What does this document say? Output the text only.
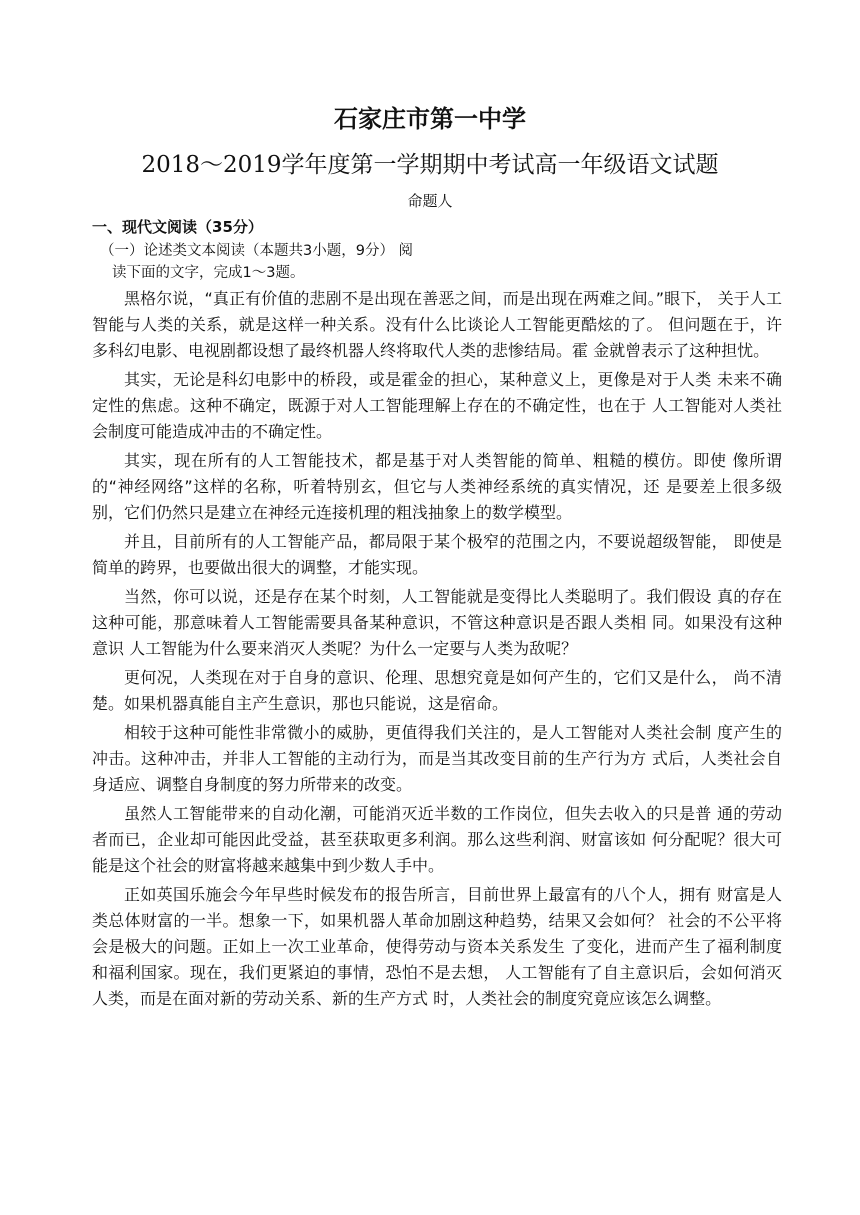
石家庄市第一中学
2018～2019学年度第一学期期中考试高一年级语文试题
命题人
一、现代文阅读（35分）
（一）论述类文本阅读（本题共3小题，9分） 阅
读下面的文字，完成1～3题。

黑格尔说，“真正有价值的悲剧不是出现在善恶之间，而是出现在两难之间。”眼下， 关于人工智能与人类的关系，就是这样一种关系。没有什么比谈论人工智能更酷炫的了。 但问题在于，许多科幻电影、电视剧都设想了最终机器人终将取代人类的悲惨结局。霍 金就曾表示了这种担忧。

其实，无论是科幻电影中的桥段，或是霍金的担心，某种意义上，更像是对于人类 未来不确定性的焦虑。这种不确定，既源于对人工智能理解上存在的不确定性，也在于 人工智能对人类社会制度可能造成冲击的不确定性。

其实，现在所有的人工智能技术，都是基于对人类智能的简单、粗糙的模仿。即使 像所谓的“神经网络”这样的名称，听着特别玄，但它与人类神经系统的真实情况，还 是要差上很多级别，它们仍然只是建立在神经元连接机理的粗浅抽象上的数学模型。

并且，目前所有的人工智能产品，都局限于某个极窄的范围之内，不要说超级智能， 即使是简单的跨界，也要做出很大的调整，才能实现。

当然，你可以说，还是存在某个时刻，人工智能就是变得比人类聪明了。我们假设 真的存在这种可能，那意味着人工智能需要具备某种意识，不管这种意识是否跟人类相 同。如果没有这种意识 人工智能为什么要来消灭人类呢？为什么一定要与人类为敌呢？

更何况，人类现在对于自身的意识、伦理、思想究竟是如何产生的，它们又是什么， 尚不清楚。如果机器真能自主产生意识，那也只能说，这是宿命。

相较于这种可能性非常微小的威胁，更值得我们关注的，是人工智能对人类社会制 度产生的冲击。这种冲击，并非人工智能的主动行为，而是当其改变目前的生产行为方 式后，人类社会自身适应、调整自身制度的努力所带来的改变。

虽然人工智能带来的自动化潮，可能消灭近半数的工作岗位，但失去收入的只是普 通的劳动者而已，企业却可能因此受益，甚至获取更多利润。那么这些利润、财富该如 何分配呢？很大可能是这个社会的财富将越来越集中到少数人手中。

正如英国乐施会今年早些时候发布的报告所言，目前世界上最富有的八个人，拥有 财富是人类总体财富的一半。想象一下，如果机器人革命加剧这种趋势，结果又会如何？ 社会的不公平将会是极大的问题。正如上一次工业革命，使得劳动与资本关系发生 了变化，进而产生了福利制度和福利国家。现在，我们更紧迫的事情，恐怕不是去想， 人工智能有了自主意识后，会如何消灭人类，而是在面对新的劳动关系、新的生产方式 时，人类社会的制度究竟应该怎么调整。
